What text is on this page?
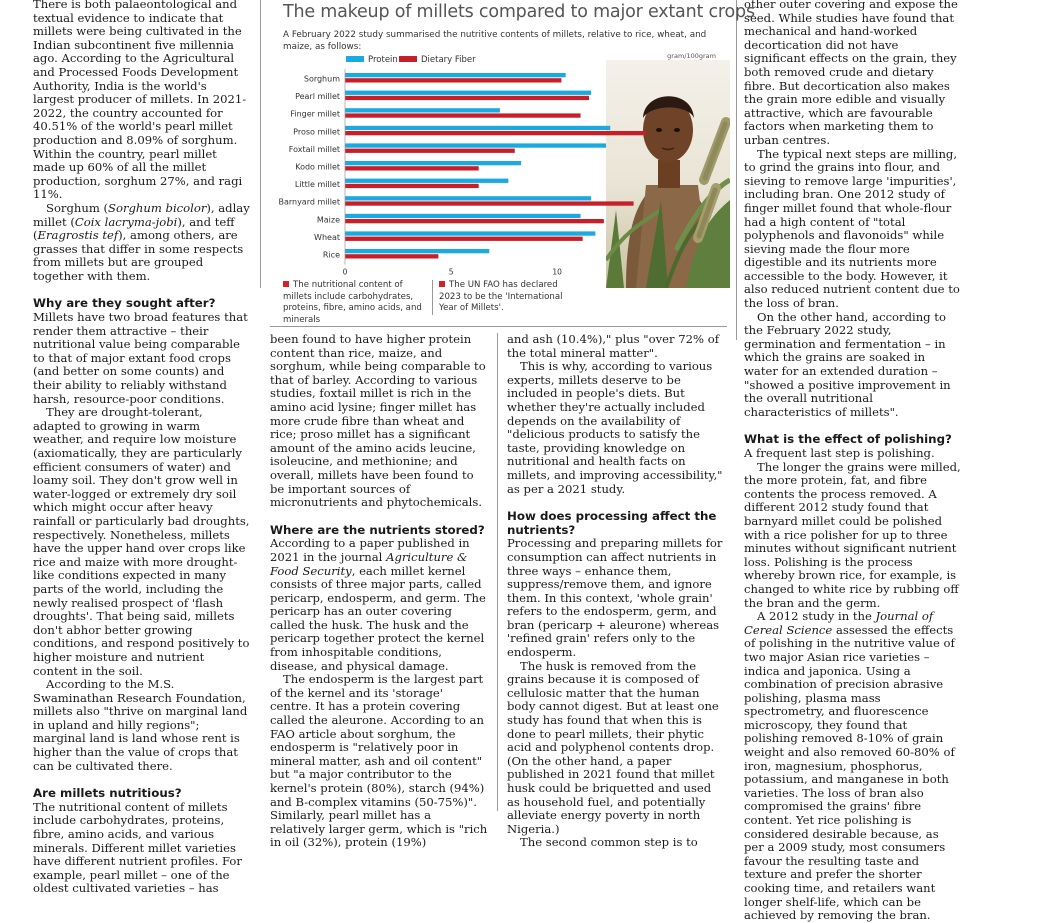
There is both palaeontological and textual evidence to indicate that millets were being cultivated in the Indian subcontinent five millennia ago. According to the Agricultural and Processed Foods Development Authority, India is the world's largest producer of millets. In 2021-2022, the country accounted for 40.51% of the world's pearl millet production and 8.09% of sorghum. Within the country, pearl millet made up 60% of all the millet production, sorghum 27%, and ragi 11%.

Sorghum (Sorghum bicolor), adlay millet (Coix lacryma-jobi), and teff (Eragrostis tef), among others, are grasses that differ in some respects from millets but are grouped together with them.

Why are they sought after?

Millets have two broad features that render them attractive – their nutritional value being comparable to that of major extant food crops (and better on some counts) and their ability to reliably withstand harsh, resource-poor conditions.

They are drought-tolerant, adapted to growing in warm weather, and require low moisture (axiomatically, they are particularly efficient consumers of water) and loamy soil. They don't grow well in water-logged or extremely dry soil which might occur after heavy rainfall or particularly bad droughts, respectively. Nonetheless, millets have the upper hand over crops like rice and maize with more drought-like conditions expected in many parts of the world, including the newly realised prospect of 'flash droughts'. That being said, millets don't abhor better growing conditions, and respond positively to higher moisture and nutrient content in the soil.

According to the M.S. Swaminathan Research Foundation, millets also "thrive on marginal land in upland and hilly regions"; marginal land is land whose rent is higher than the value of crops that can be cultivated there.

Are millets nutritious?

The nutritional content of millets include carbohydrates, proteins, fibre, amino acids, and various minerals. Different millet varieties have different nutrient profiles. For example, pearl millet – one of the oldest cultivated varieties – has

been found to have higher protein content than rice, maize, and sorghum, while being comparable to that of barley. According to various studies, foxtail millet is rich in the amino acid lysine; finger millet has more crude fibre than wheat and rice; proso millet has a significant amount of the amino acids leucine, isoleucine, and methionine; and overall, millets have been found to be important sources of micronutrients and phytochemicals.

Where are the nutrients stored?

According to a paper published in 2021 in the journal Agriculture & Food Security, each millet kernel consists of three major parts, called pericarp, endosperm, and germ. The pericarp has an outer covering called the husk. The husk and the pericarp together protect the kernel from inhospitable conditions, disease, and physical damage.

The endosperm is the largest part of the kernel and its 'storage' centre. It has a protein covering called the aleurone. According to an FAO article about sorghum, the endosperm is "relatively poor in mineral matter, ash and oil content" but "a major contributor to the kernel's protein (80%), starch (94%) and B-complex vitamins (50-75%)". Similarly, pearl millet has a relatively larger germ, which is "rich in oil (32%), protein (19%)

and ash (10.4%)," plus "over 72% of the total mineral matter".

This is why, according to various experts, millets deserve to be included in people's diets. But whether they're actually included depends on the availability of "delicious products to satisfy the taste, providing knowledge on nutritional and health facts on millets, and improving accessibility," as per a 2021 study.

How does processing affect the nutrients?

Processing and preparing millets for consumption can affect nutrients in three ways – enhance them, suppress/remove them, and ignore them. In this context, 'whole grain' refers to the endosperm, germ, and bran (pericarp + aleurone) whereas 'refined grain' refers only to the endosperm.

The husk is removed from the grains because it is composed of cellulosic matter that the human body cannot digest. But at least one study has found that when this is done to pearl millets, their phytic acid and polyphenol contents drop. (On the other hand, a paper published in 2021 found that millet husk could be briquetted and used as household fuel, and potentially alleviate energy poverty in north Nigeria.)

The second common step is to

other outer covering and expose the seed. While studies have found that mechanical and hand-worked decortication did not have significant effects on the grain, they both removed crude and dietary fibre. But decortication also makes the grain more edible and visually attractive, which are favourable factors when marketing them to urban centres.

The typical next steps are milling, to grind the grains into flour, and sieving to remove large 'impurities', including bran. One 2012 study of finger millet found that whole-flour had a high content of "total polyphenols and flavonoids" while sieving made the flour more digestible and its nutrients more accessible to the body. However, it also reduced nutrient content due to the loss of bran.

On the other hand, according to the February 2022 study, germination and fermentation – in which the grains are soaked in water for an extended duration – "showed a positive improvement in the overall nutritional characteristics of millets".

What is the effect of polishing?

A frequent last step is polishing.

The longer the grains were milled, the more protein, fat, and fibre contents the process removed. A different 2012 study found that barnyard millet could be polished with a rice polisher for up to three minutes without significant nutrient loss. Polishing is the process whereby brown rice, for example, is changed to white rice by rubbing off the bran and the germ.

A 2012 study in the Journal of Cereal Science assessed the effects of polishing in the nutritive value of two major Asian rice varieties – indica and japonica. Using a combination of precision abrasive polishing, plasma mass spectrometry, and fluorescence microscopy, they found that polishing removed 8-10% of grain weight and also removed 60-80% of iron, magnesium, phosphorus, potassium, and manganese in both varieties. The loss of bran also compromised the grains' fibre content. Yet rice polishing is considered desirable because, as per a 2009 study, most consumers favour the resulting taste and texture and prefer the shorter cooking time, and retailers want longer shelf-life, which can be achieved by removing the bran.

The makeup of millets compared to major extant crops
A February 2022 study summarised the nutritive contents of millets, relative to rice, wheat, and maize, as follows:
Protein	Dietary Fiber	gram/100gram
Sorghum
Pearl millet
Finger millet
Proso millet
Foxtail millet
Kodo millet
Little millet
Barnyard millet
Maize
Wheat
Rice
0	5	10
The nutritional content of millets include carbohydrates, proteins, fibre, amino acids, and minerals
The UN FAO has declared 2023 to be the 'International Year of Millets'.
